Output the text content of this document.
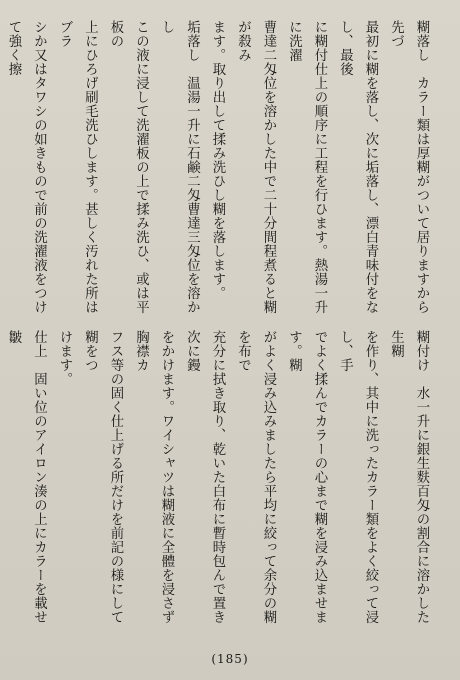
糊落し　カラー類は厚糊がついて居りますから先づ

最初に糊を落し、次に垢落し、漂白青味付をなし、最後

に糊付仕上の順序に工程を行ひます。熱湯一升に洗濯

曹達二匁位を溶かした中で二十分間程煮ると糊が殺み

ます。取り出して揉み洗ひし糊を落します。

垢落し　温湯一升に石鹸二匁曹達三匁位を溶かし

この液に浸して洗濯板の上で揉み洗ひ、或は平板の

上にひろげ刷毛洗ひします。甚しく汚れた所はブラ

シか又はタワシの如きもので前の洗濯液をつけて強く擦

糊付け　水一升に銀生麩百匁の割合に溶かした生糊

を作り、其中に洗ったカラー類をよく絞って浸し、手

でよく揉んでカラーの心まで糊を浸み込ませます。糊

がよく浸み込みましたら平均に絞って余分の糊を布で

充分に拭き取り、乾いた白布に暫時包んで置き次に鏝

をかけます。ワイシャツは糊液に全體を浸さず胸襟カ

フス等の固く仕上げる所だけを前記の様にして糊をつ

けます。

仕上　固い位のアイロン湊の上にカラーを載せ皺

(185)
